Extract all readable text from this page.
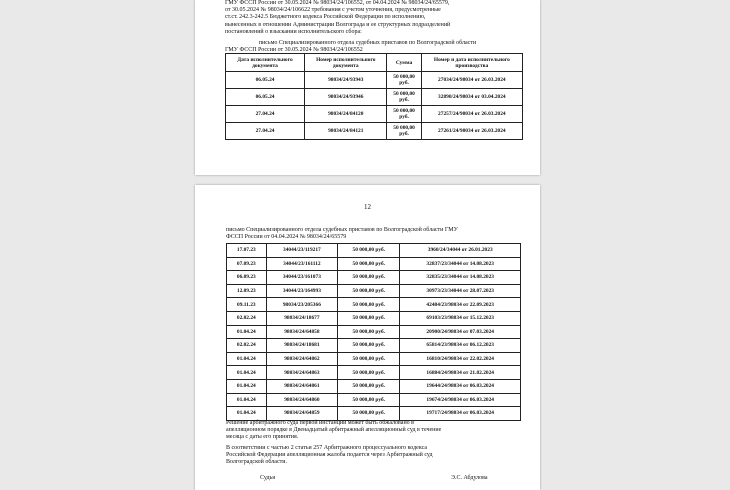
ГМУ ФССП России от 30.05.2024 № 98034/24/106552, от 04.04.2024 № 98034/24/65579,
от 30.05.2024 № 98034/24/106622 требования с учетом уточнения, предусмотренные
ст.ст. 242.3-242.5 Бюджетного кодекса Российской Федерации по исполнению,
вынесенных в отношении Администрации Волгограда и ее структурных подразделений
постановлений о взыскании исполнительского сбора:
письмо Специализированного отдела судебных приставов по Волгоградской области
ГМУ ФССП России от 30.05.2024 № 98034/24/106552
Дата исполнительного документа	Номер исполнительного документа	Сумма	Номер и дата исполнительного производства
06.05.24	98034/24/93943	50 000,00 руб.	27034/24/98034 от 26.03.2024
06.05.24	98034/24/93946	50 000,00 руб.	32890/24/98034 от 03.04.2024
27.04.24	98034/24/84120	50 000,00 руб.	27257/24/98034 от 26.03.2024
27.04.24	98034/24/84121	50 000,00 руб.	27261/24/98034 от 26.03.2024
12
письмо Специализированного отдела судебных приставов по Волгоградской области ГМУ
ФССП России от 04.04.2024 № 98034/24/65579
17.07.23	34044/23/119217	50 000,00 руб.	3960/24/34044 от 26.01.2023
07.09.23	34044/23/161112	50 000,00 руб.	32837/23/34044 от 14.08.2023
06.09.23	34044/23/161073	50 000,00 руб.	32835/23/34044 от 14.08.2023
12.09.23	34044/23/164993	50 000,00 руб.	30973/23/34044 от 28.07.2023
09.11.23	98034/23/205366	50 000,00 руб.	42484/23/98034 от 22.09.2023
02.02.24	98034/24/18677	50 000,00 руб.	69103/23/98034 от 15.12.2023
01.04.24	98034/24/64858	50 000,00 руб.	20900/24/98034 от 07.03.2024
02.02.24	98034/24/18681	50 000,00 руб.	65814/23/98034 от 06.12.2023
01.04.24	98034/24/64862	50 000,00 руб.	16810/24/98034 от 22.02.2024
01.04.24	98034/24/64863	50 000,00 руб.	16884/24/98034 от 21.02.2024
01.04.24	98034/24/64861	50 000,00 руб.	19644/24/98034 от 06.03.2024
01.04.24	98034/24/64860	50 000,00 руб.	19674/24/98034 от 06.03.2024
01.04.24	98034/24/64859	50 000,00 руб.	19717/24/98034 от 06.03.2024
Решение арбитражного суда первой инстанции может быть обжаловано в
апелляционном порядке в Двенадцатый арбитражный апелляционный суд в течение
месяца с даты его принятия.
В соответствии с частью 2 статьи 257 Арбитражного процессуального кодекса
Российской Федерации апелляционная жалоба подается через Арбитражный суд
Волгоградской области.
Судья	Э.С. Абдулова
